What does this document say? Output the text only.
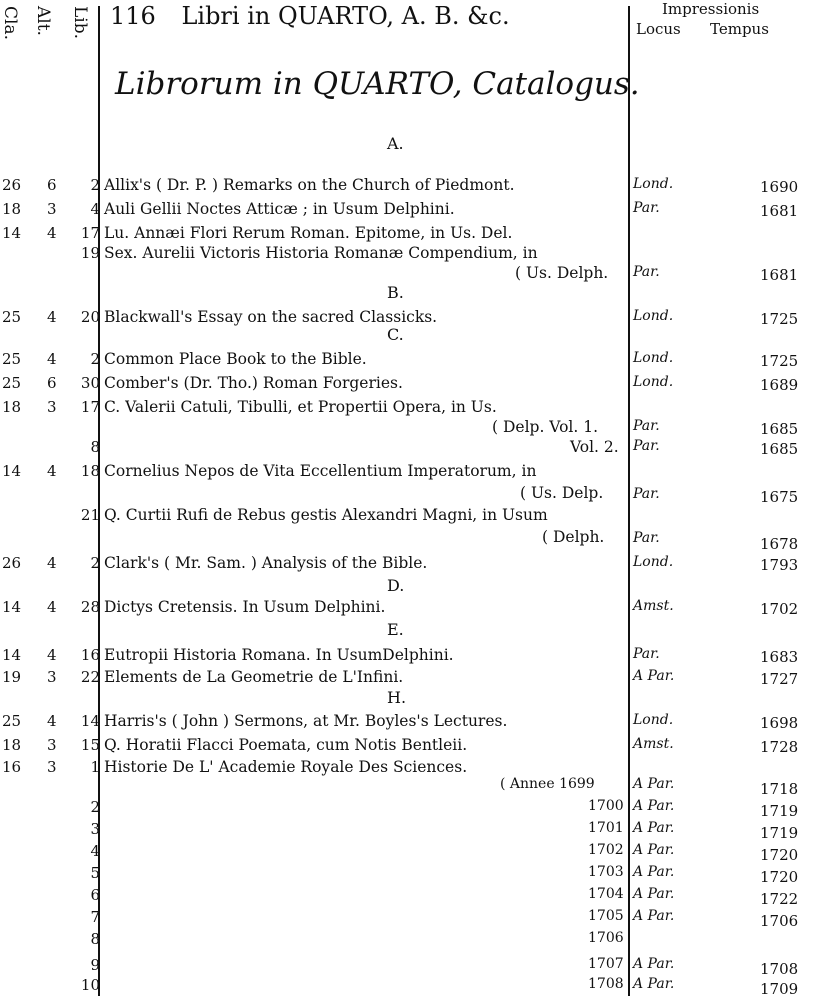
Cla. Alt. Lib. 116 Libri in QUARTO, A. B. &c.	Impressionis
Locus Tempus
Librorum in QUARTO, Catalogus.
A.
B.
C.
D.
E.
H.
26 6	2 Allix's ( Dr. P. ) Remarks on the Church of Piedmont.	Lond.	1690
18 3	4 Auli Gellii Noctes Atticæ ; in Usum Delphini.	Par.	1681
14 4	17 Lu. Annæi Flori Rerum Roman. Epitome, in Us. Del.
19 Sex. Aurelii Victoris Historia Romanæ Compendium, in
( Us. Delph. Par.	1681
25 4	20 Blackwall's Essay on the sacred Classicks.	Lond.	1725
25 4	2 Common Place Book to the Bible.	Lond.	1725
25 6	30 Comber's (Dr. Tho.) Roman Forgeries.	Lond.	1689
18 3	17 C. Valerii Catuli, Tibulli, et Propertii Opera, in Us.
( Delp. Vol. 1. Par.	1685
8	Vol. 2. Par.	1685
14 4	18 Cornelius Nepos de Vita Eccellentium Imperatorum, in
( Us. Delp. Par.	1675
21 Q. Curtii Rufi de Rebus gestis Alexandri Magni, in Usum
( Delph. Par.	1678
26 4	2 Clark's ( Mr. Sam. ) Analysis of the Bible.	Lond.	1793
14 4	28 Dictys Cretensis. In Usum Delphini.	Amst.	1702
14 4	16 Eutropii Historia Romana. In UsumDelphini.	Par.	1683
19 3	22 Elements de La Geometrie de L'Infini.	A Par.	1727
25 4	14 Harris's ( John ) Sermons, at Mr. Boyles's Lectures.	Lond.	1698
18 3	15 Q. Horatii Flacci Poemata, cum Notis Bentleii.	Amst.	1728
16 3	1 Historie De L' Academie Royale Des Sciences.
( Annee 1699	A Par.	1718
2	1700 A Par.	1719
3	1701 A Par.	1719
4	1702 A Par.	1720
5	1703 A Par.	1720
6	1704 A Par.	1722
7	1705 A Par.	1706
8	1706
9	1707 A Par.	1708
10	1708 A Par.	1709
